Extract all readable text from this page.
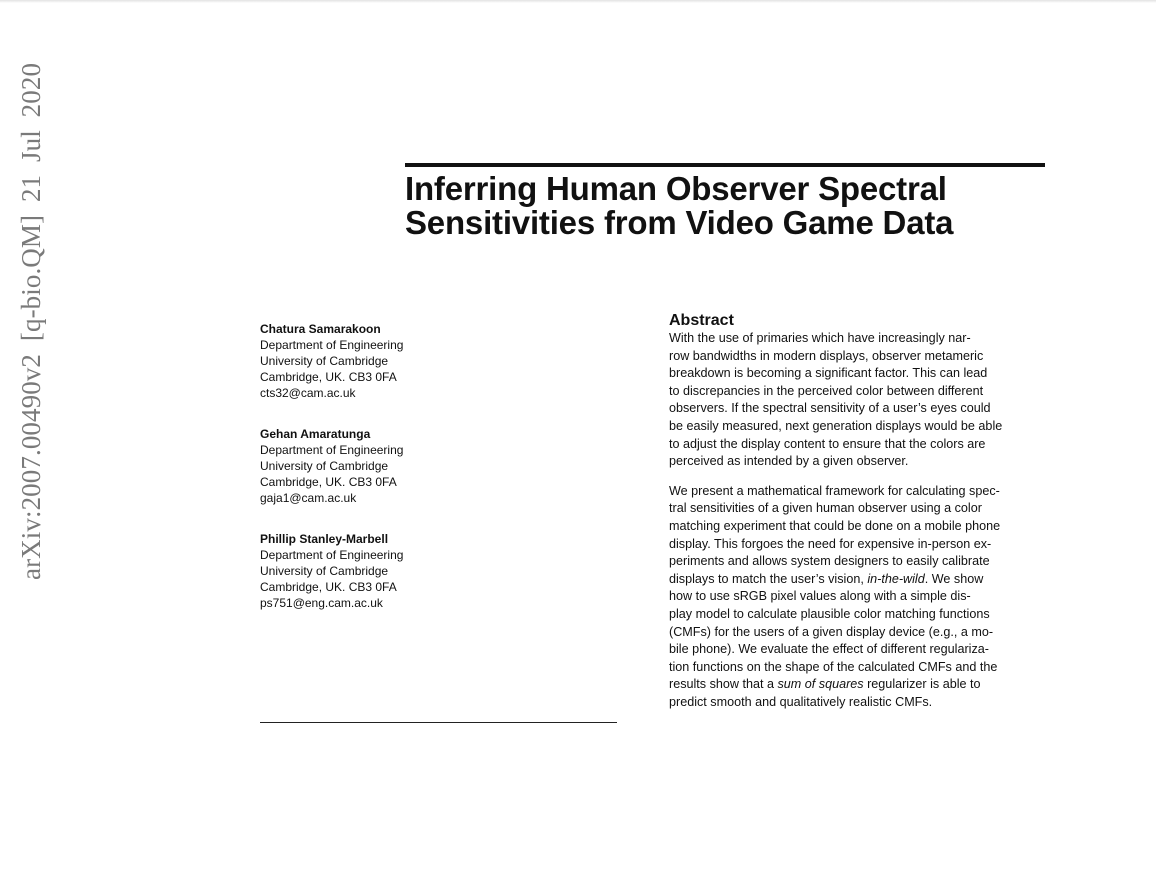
arXiv:2007.00490v2 [q-bio.QM] 21 Jul 2020	Inferring Human Observer Spectral
Sensitivities from Video Game Data
Chatura Samarakoon
Department of Engineering
University of Cambridge
Cambridge, UK. CB3 0FA
cts32@cam.ac.uk
Gehan Amaratunga
Department of Engineering
University of Cambridge
Cambridge, UK. CB3 0FA
gaja1@cam.ac.uk
Phillip Stanley-Marbell
Department of Engineering
University of Cambridge
Cambridge, UK. CB3 0FA
ps751@eng.cam.ac.uk
Abstract
With the use of primaries which have increasingly nar-
row bandwidths in modern displays, observer metameric
breakdown is becoming a significant factor. This can lead
to discrepancies in the perceived color between different
observers. If the spectral sensitivity of a user’s eyes could
be easily measured, next generation displays would be able
to adjust the display content to ensure that the colors are
perceived as intended by a given observer.
We present a mathematical framework for calculating spec-
tral sensitivities of a given human observer using a color
matching experiment that could be done on a mobile phone
display. This forgoes the need for expensive in-person ex-
periments and allows system designers to easily calibrate
displays to match the user’s vision, in-the-wild. We show
how to use sRGB pixel values along with a simple dis-
play model to calculate plausible color matching functions
(CMFs) for the users of a given display device (e.g., a mo-
bile phone). We evaluate the effect of different regulariza-
tion functions on the shape of the calculated CMFs and the
results show that a sum of squares regularizer is able to
predict smooth and qualitatively realistic CMFs.
